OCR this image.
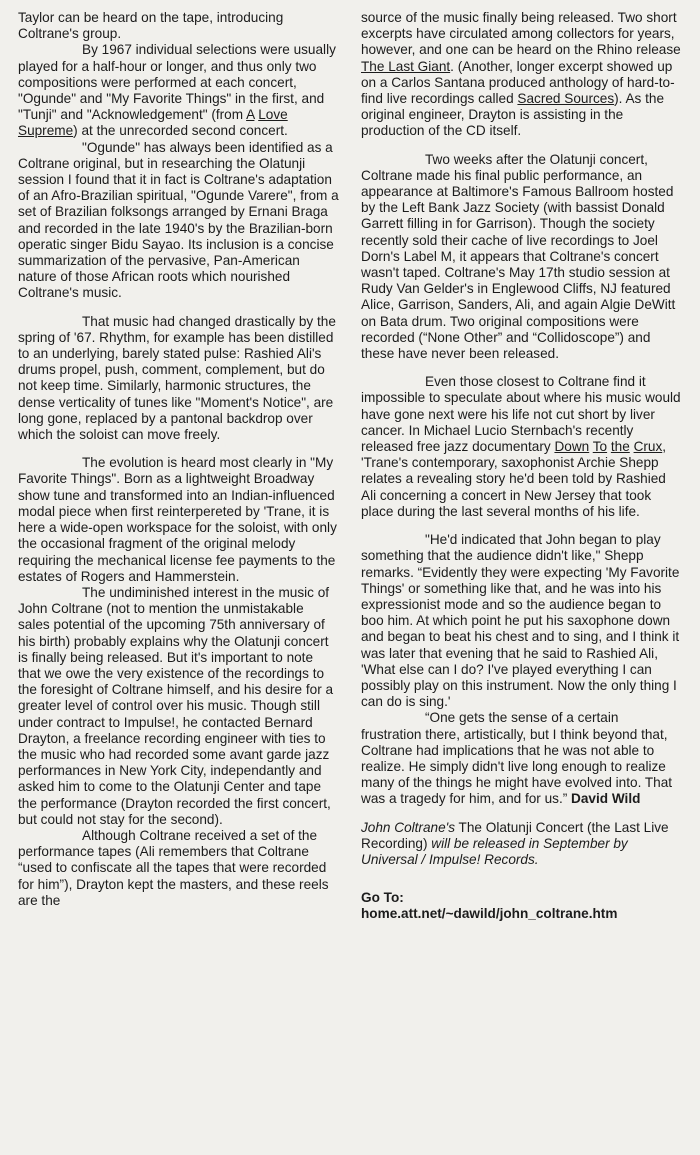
Taylor can be heard on the tape, introducing Coltrane's group.

By 1967 individual selections were usually played for a half-hour or longer, and thus only two compositions were performed at each concert, "Ogunde" and "My Favorite Things" in the first, and "Tunji" and "Acknowledgement" (from A Love Supreme) at the unrecorded second concert.

"Ogunde" has always been identified as a Coltrane original, but in researching the Olatunji session I found that it in fact is Coltrane's adaptation of an Afro-Brazilian spiritual, "Ogunde Varere", from a set of Brazilian folksongs arranged by Ernani Braga and recorded in the late 1940's by the Brazilian-born operatic singer Bidu Sayao. Its inclusion is a concise summarization of the pervasive, Pan-American nature of those African roots which nourished Coltrane's music.

That music had changed drastically by the spring of '67. Rhythm, for example has been distilled to an underlying, barely stated pulse: Rashied Ali's drums propel, push, comment, complement, but do not keep time. Similarly, harmonic structures, the dense verticality of tunes like "Moment's Notice", are long gone, replaced by a pantonal backdrop over which the soloist can move freely.

The evolution is heard most clearly in "My Favorite Things". Born as a lightweight Broadway show tune and transformed into an Indian-influenced modal piece when first reinterpereted by 'Trane, it is here a wide-open workspace for the soloist, with only the occasional fragment of the original melody requiring the mechanical license fee payments to the estates of Rogers and Hammerstein.

The undiminished interest in the music of John Coltrane (not to mention the unmistakable sales potential of the upcoming 75th anniversary of his birth) probably explains why the Olatunji concert is finally being released. But it's important to note that we owe the very existence of the recordings to the foresight of Coltrane himself, and his desire for a greater level of control over his music. Though still under contract to Impulse!, he contacted Bernard Drayton, a freelance recording engineer with ties to the music who had recorded some avant garde jazz performances in New York City, independantly and asked him to come to the Olatunji Center and tape the performance (Drayton recorded the first concert, but could not stay for the second).

Although Coltrane received a set of the performance tapes (Ali remembers that Coltrane “used to confiscate all the tapes that were recorded for him”), Drayton kept the masters, and these reels are the

source of the music finally being released. Two short excerpts have circulated among collectors for years, however, and one can be heard on the Rhino release The Last Giant. (Another, longer excerpt showed up on a Carlos Santana produced anthology of hard-to-find live recordings called Sacred Sources). As the original engineer, Drayton is assisting in the production of the CD itself.

Two weeks after the Olatunji concert, Coltrane made his final public performance, an appearance at Baltimore's Famous Ballroom hosted by the Left Bank Jazz Society (with bassist Donald Garrett filling in for Garrison). Though the society recently sold their cache of live recordings to Joel Dorn's Label M, it appears that Coltrane's concert wasn't taped. Coltrane's May 17th studio session at Rudy Van Gelder's in Englewood Cliffs, NJ featured Alice, Garrison, Sanders, Ali, and again Algie DeWitt on Bata drum. Two original compositions were recorded (“None Other” and “Collidoscope”) and these have never been released.

Even those closest to Coltrane find it impossible to speculate about where his music would have gone next were his life not cut short by liver cancer. In Michael Lucio Sternbach's recently released free jazz documentary Down To the Crux, 'Trane's contemporary, saxophonist Archie Shepp relates a revealing story he'd been told by Rashied Ali concerning a concert in New Jersey that took place during the last several months of his life.

"He'd indicated that John began to play something that the audience didn't like," Shepp remarks. “Evidently they were expecting 'My Favorite Things' or something like that, and he was into his expressionist mode and so the audience began to boo him. At which point he put his saxophone down and began to beat his chest and to sing, and I think it was later that evening that he said to Rashied Ali, 'What else can I do? I've played everything I can possibly play on this instrument. Now the only thing I can do is sing.'

“One gets the sense of a certain frustration there, artistically, but I think beyond that, Coltrane had implications that he was not able to realize. He simply didn't live long enough to realize many of the things he might have evolved into. That was a tragedy for him, and for us.” David Wild

John Coltrane's The Olatunji Concert (the Last Live Recording) will be released in September by Universal / Impulse! Records.

Go To:
home.att.net/~dawild/john_coltrane.htm
